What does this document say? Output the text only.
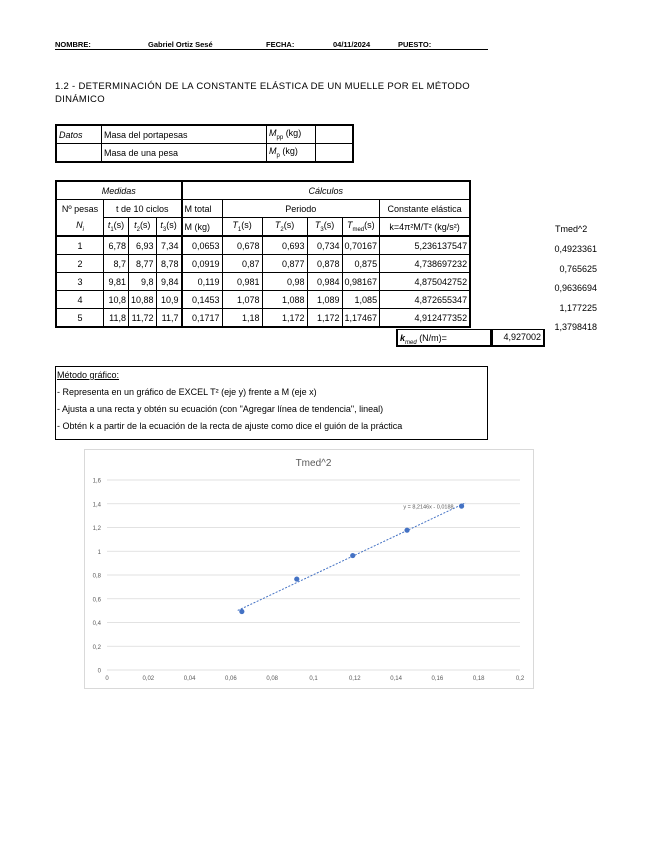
NOMBRE:	Gabriel Ortiz Sesé	FECHA:	04/11/2024	PUESTO:
1.2 - DETERMINACIÓN DE LA CONSTANTE ELÁSTICA DE UN MUELLE POR EL MÉTODO DINÁMICO
Datos	Masa del portapesas	$M_{pp}$ (kg)	
	Masa de una pesa	$M_p$ (kg)	
Medidas				Cálculos					
Nº pesas	t de 10 ciclos			M total	Periodo				Constante elástica
$N_i$	$t_1(s)$	$t_2(s)$	$t_3(s)$	M (kg)	$T_1(s)$	$T_2(s)$	$T_3(s)$	$T_{med}(s)$	k=4π²M/T² (kg/s²)
1	6,78	6,93	7,34	0,0653	0,678	0,693	0,734	0,70167	5,236137547
2	8,7	8,77	8,78	0,0919	0,87	0,877	0,878	0,875	4,738697232
3	9,81	9,8	9,84	0,119	0,981	0,98	0,984	0,98167	4,875042752
4	10,8	10,88	10,9	0,1453	1,078	1,088	1,089	1,085	4,872655347
5	11,8	11,72	11,7	0,1717	1,18	1,172	1,172	1,17467	4,912477352
$k_{med}$ (N/m)=	4,927002
Tmed^2
0,4923361
0,765625
0,9636694
1,177225
1,3798418
Método gráfico:
- Representa en un gráfico de EXCEL T² (eje y) frente a M (eje x)
- Ajusta a una recta y obtén su ecuación (con "Agregar línea de tendencia", lineal)
- Obtén k a partir de la ecuación de la recta de ajuste como dice el guión de la práctica
Tmed^2
0
0,2
0,4
0,6
0,8
1
1,2
1,4
1,6
0	0,02	0,04	0,06	0,08	0,1	0,12	0,14	0,16	0,18	0,2
y = 8,2146x - 0,0188
